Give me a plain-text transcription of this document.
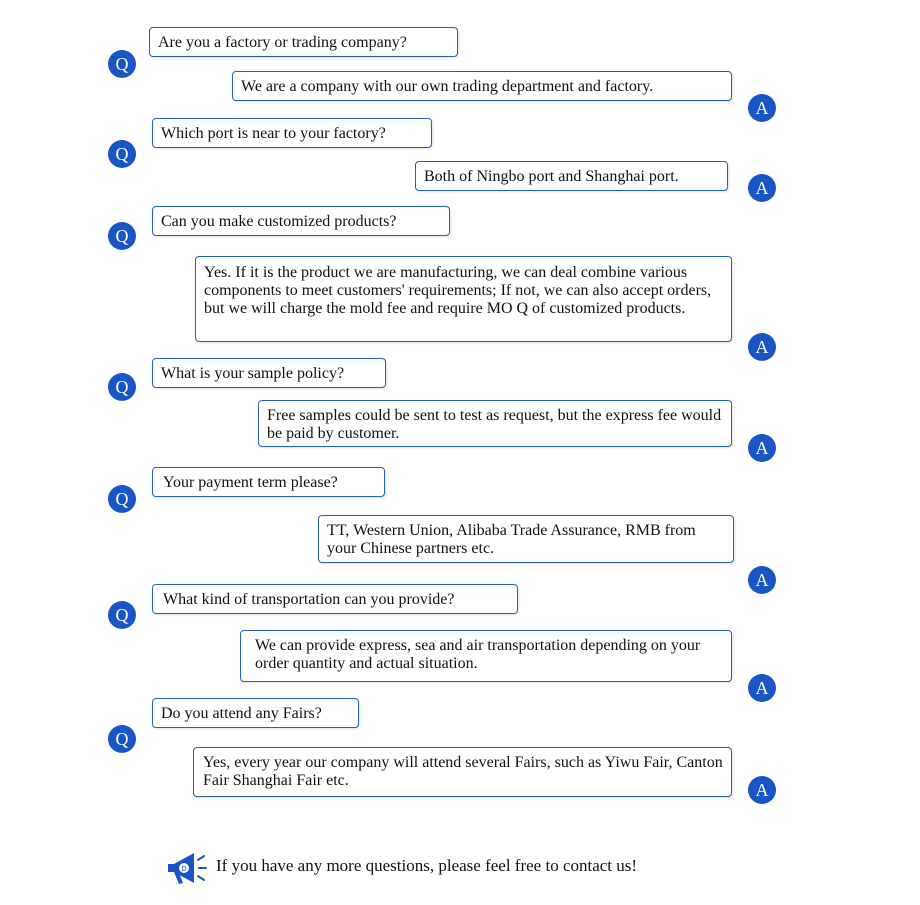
Are you a factory or trading company?
Q
We are a company with our own trading department and factory.
A
Which port is near to your factory?
Q
Both of Ningbo port and Shanghai port.
A
Can you make customized products?
Q
Yes. If it is the product we are manufacturing, we can deal combine various components to meet customers' requirements; If not, we can also accept orders, but we will charge the mold fee and require MO Q of customized products.
A
What is your sample policy?
Q
Free samples could be sent to test as request, but the express fee would be paid by customer.
A
Your payment term please?
Q
TT, Western Union, Alibaba Trade Assurance, RMB from your Chinese partners etc.
A
What kind of transportation can you provide?
Q
We can provide express, sea and air transportation depending on your order quantity and actual situation.
A
Do you attend any Fairs?
Q
Yes, every year our company will attend several Fairs, such as Yiwu Fair, Canton Fair Shanghai Fair etc.	A
D If you have any more questions, please feel free to contact us!
